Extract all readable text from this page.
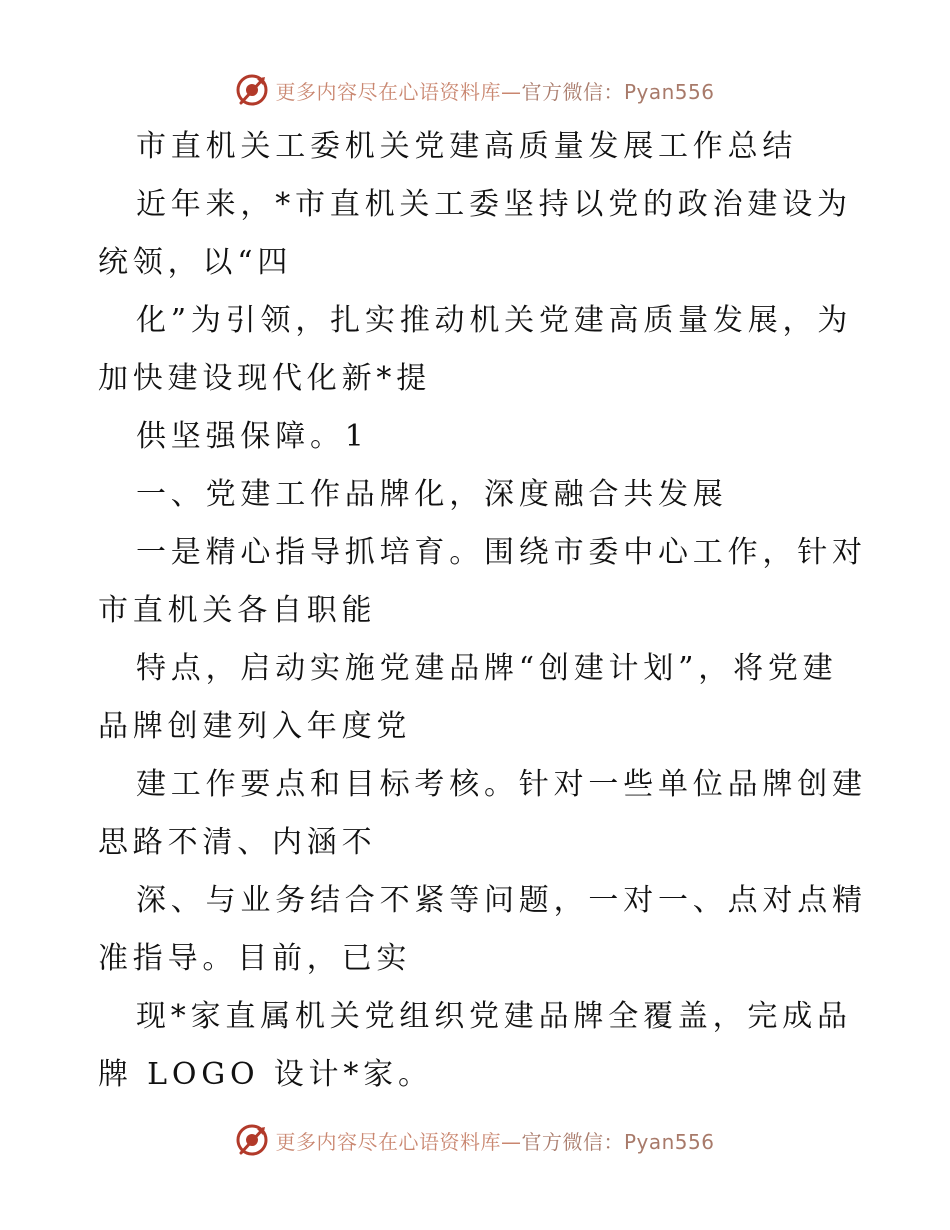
更多内容尽在心语资料库—官方微信：Pyan556
市直机关工委机关党建高质量发展工作总结
近年来，*市直机关工委坚持以党的政治建设为
统领，以“四
化”为引领，扎实推动机关党建高质量发展，为
加快建设现代化新*提
供坚强保障。1
一、党建工作品牌化，深度融合共发展
一是精心指导抓培育。围绕市委中心工作，针对
市直机关各自职能
特点，启动实施党建品牌“创建计划”，将党建
品牌创建列入年度党
建工作要点和目标考核。针对一些单位品牌创建
思路不清、内涵不
深、与业务结合不紧等问题，一对一、点对点精
准指导。目前，已实
现*家直属机关党组织党建品牌全覆盖，完成品
牌 LOGO 设计*家。
更多内容尽在心语资料库—官方微信：Pyan556
